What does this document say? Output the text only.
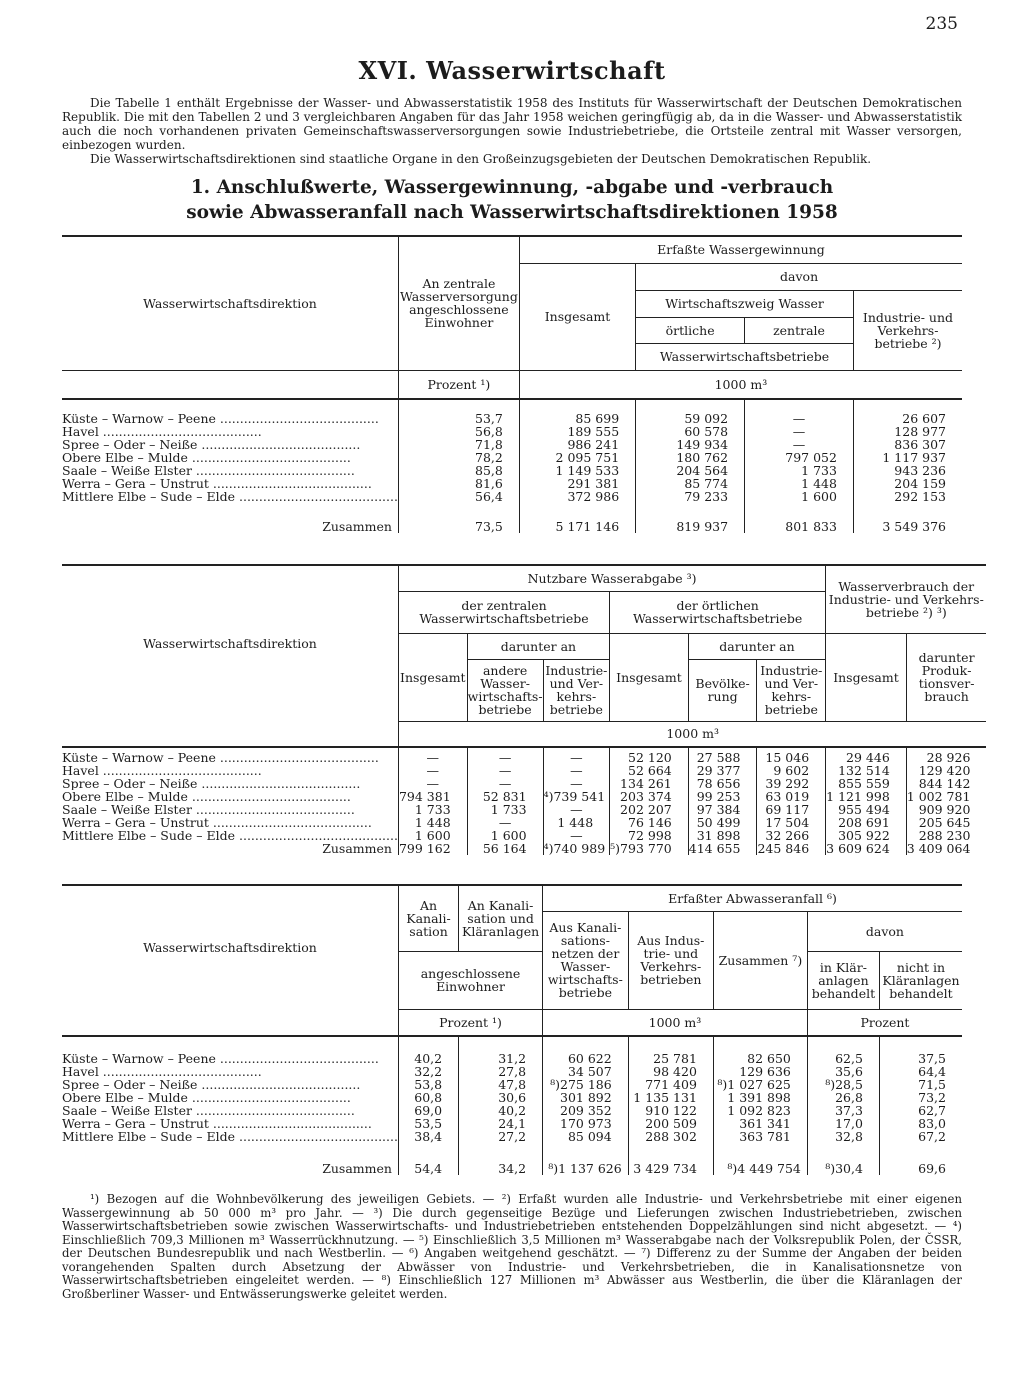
235
XVI. Wasserwirtschaft

Die Tabelle 1 enthält Ergebnisse der Wasser- und Abwasserstatistik 1958 des Instituts für Wasserwirtschaft der Deutschen Demokratischen Republik. Die mit den Tabellen 2 und 3 vergleichbaren Angaben für das Jahr 1958 weichen geringfügig ab, da in die Wasser- und Abwasserstatistik auch die noch vorhandenen privaten Gemeinschaftswasserversorgungen sowie Industriebetriebe, die Ortsteile zentral mit Wasser versorgen, einbezogen wurden.

Die Wasserwirtschaftsdirektionen sind staatliche Organe in den Großeinzugsgebieten der Deutschen Demokratischen Republik.

1. Anschlußwerte, Wassergewinnung, -abgabe und -verbrauch
sowie Abwasseranfall nach Wasserwirtschaftsdirektionen 1958
Wasserwirtschaftsdirektion	An zentrale Wasserversorgung angeschlossene Einwohner	Erfaßte Wassergewinnung			
		Insgesamt	davon		
			Wirtschaftszweig Wasser		Industrie- und Verkehrsbetriebe ²)
			örtliche	zentrale	
			Wasserwirtschaftsbetriebe		
	Prozent ¹)	1000 m³			

Küste – Warnow – Peene ........................................	53,7	85 699	59 092	—	26 607
Havel ........................................	56,8	189 555	60 578	—	128 977
Spree – Oder – Neiße ........................................	71,8	986 241	149 934	—	836 307
Obere Elbe – Mulde ........................................	78,2	2 095 751	180 762	797 052	1 117 937
Saale – Weiße Elster ........................................	85,8	1 149 533	204 564	1 733	943 236
Werra – Gera – Unstrut ........................................	81,6	291 381	85 774	1 448	204 159
Mittlere Elbe – Sude – Elde ........................................	56,4	372 986	79 233	1 600	292 153
Zusammen	73,5	5 171 146	819 937	801 833	3 549 376
Wasserwirtschaftsdirektion	Nutzbare Wasserabgabe ³)						Wasserverbrauch der Industrie- und Verkehrsbetriebe ²) ³)	
	der zentralen Wasserwirtschaftsbetriebe			der örtlichen Wasserwirtschaftsbetriebe				
	Insgesamt	darunter an		Insgesamt	darunter an		Insgesamt	darunter Produktionsverbrauch
		andere Wasserwirtschaftsbetriebe	Industrie- und Verkehrsbetriebe		Bevölkerung	Industrie- und Verkehrsbetriebe		
	1000 m³							

Küste – Warnow – Peene ........................................	—	—	—	52 120	27 588	15 046	29 446	28 926
Havel ........................................	—	—	—	52 664	29 377	9 602	132 514	129 420
Spree – Oder – Neiße ........................................	—	—	—	134 261	78 656	39 292	855 559	844 142
Obere Elbe – Mulde ........................................	794 381	52 831	⁴)739 541	203 374	99 253	63 019	1 121 998	1 002 781
Saale – Weiße Elster ........................................	1 733	1 733	—	202 207	97 384	69 117	955 494	909 920
Werra – Gera – Unstrut ........................................	1 448	—	1 448	76 146	50 499	17 504	208 691	205 645
Mittlere Elbe – Sude – Elde ........................................	1 600	1 600	—	72 998	31 898	32 266	305 922	288 230
Zusammen	799 162	56 164	⁴)740 989	⁵)793 770	414 655	245 846	3 609 624	3 409 064
Wasserwirtschaftsdirektion	An Kanalisation	An Kanalisation und Kläranlagen	Erfaßter Abwasseranfall ⁶)				
			Aus Kanalisationsnetzen der Wasserwirtschaftsbetriebe	Aus Industrie- und Verkehrsbetrieben	Zusammen ⁷)	davon	
	angeschlossene Einwohner					in Kläranlagen behandelt	nicht in Kläranlagen behandelt

	Prozent ¹)		1000 m³			Prozent	

Küste – Warnow – Peene ........................................	40,2	31,2	60 622	25 781	82 650	62,5	37,5
Havel ........................................	32,2	27,8	34 507	98 420	129 636	35,6	64,4
Spree – Oder – Neiße ........................................	53,8	47,8	⁸)275 186	771 409	⁸)1 027 625	⁸)28,5	71,5
Obere Elbe – Mulde ........................................	60,8	30,6	301 892	1 135 131	1 391 898	26,8	73,2
Saale – Weiße Elster ........................................	69,0	40,2	209 352	910 122	1 092 823	37,3	62,7
Werra – Gera – Unstrut ........................................	53,5	24,1	170 973	200 509	361 341	17,0	83,0
Mittlere Elbe – Sude – Elde ........................................	38,4	27,2	85 094	288 302	363 781	32,8	67,2
Zusammen	54,4	34,2	⁸)1 137 626	3 429 734	⁸)4 449 754	⁸)30,4	69,6

¹) Bezogen auf die Wohnbevölkerung des jeweiligen Gebiets. — ²) Erfaßt wurden alle Industrie- und Verkehrsbetriebe mit einer eigenen Wassergewinnung ab 50 000 m³ pro Jahr. — ³) Die durch gegenseitige Bezüge und Lieferungen zwischen Industriebetrieben, zwischen Wasserwirtschaftsbetrieben sowie zwischen Wasserwirtschafts- und Industriebetrieben entstehenden Doppelzählungen sind nicht abgesetzt. — ⁴) Einschließlich 709,3 Millionen m³ Wasserrückhnutzung. — ⁵) Einschließlich 3,5 Millionen m³ Wasserabgabe nach der Volksrepublik Polen, der ČSSR, der Deutschen Bundesrepublik und nach Westberlin. — ⁶) Angaben weitgehend geschätzt. — ⁷) Differenz zu der Summe der Angaben der beiden vorangehenden Spalten durch Absetzung der Abwässer von Industrie- und Verkehrsbetrieben, die in Kanalisationsnetze von Wasserwirtschaftsbetrieben eingeleitet werden. — ⁸) Einschließlich 127 Millionen m³ Abwässer aus Westberlin, die über die Kläranlagen der Großberliner Wasser- und Entwässerungswerke geleitet werden.
